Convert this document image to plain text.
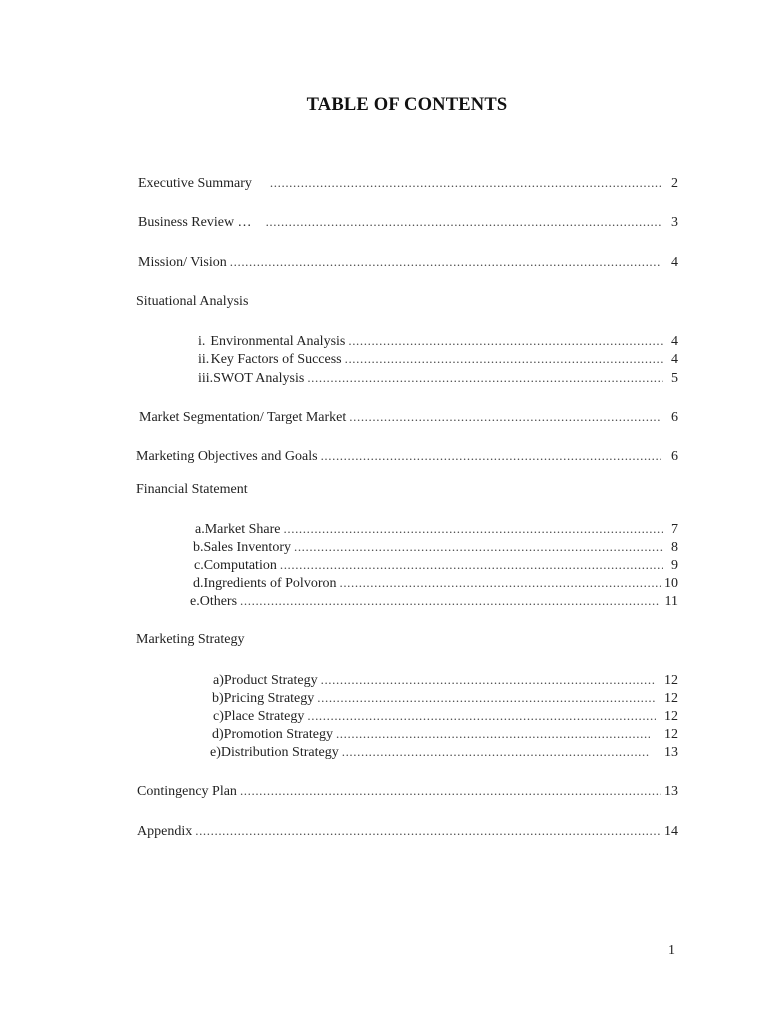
TABLE OF CONTENTS
Executive Summary .....	2
Business Review … .....	3
Mission/ Vision .....	4
Situational Analysis
i. Environmental Analysis .....	4
ii. Key Factors of Success .....	4
iii. SWOT Analysis .....	5
Market Segmentation/ Target Market .....	6
Marketing Objectives and Goals .....	6
Financial Statement
a. Market Share .....	7
b. Sales Inventory .....	8
c. Computation .....	9
d. Ingredients of Polvoron .....	10
e. Others .....	11
Marketing Strategy
a) Product Strategy .....	12
b) Pricing Strategy .....	12
c) Place Strategy .....	12
d) Promotion Strategy .....	12
e) Distribution Strategy .....	13
Contingency Plan .....	13
Appendix .....	14
1
